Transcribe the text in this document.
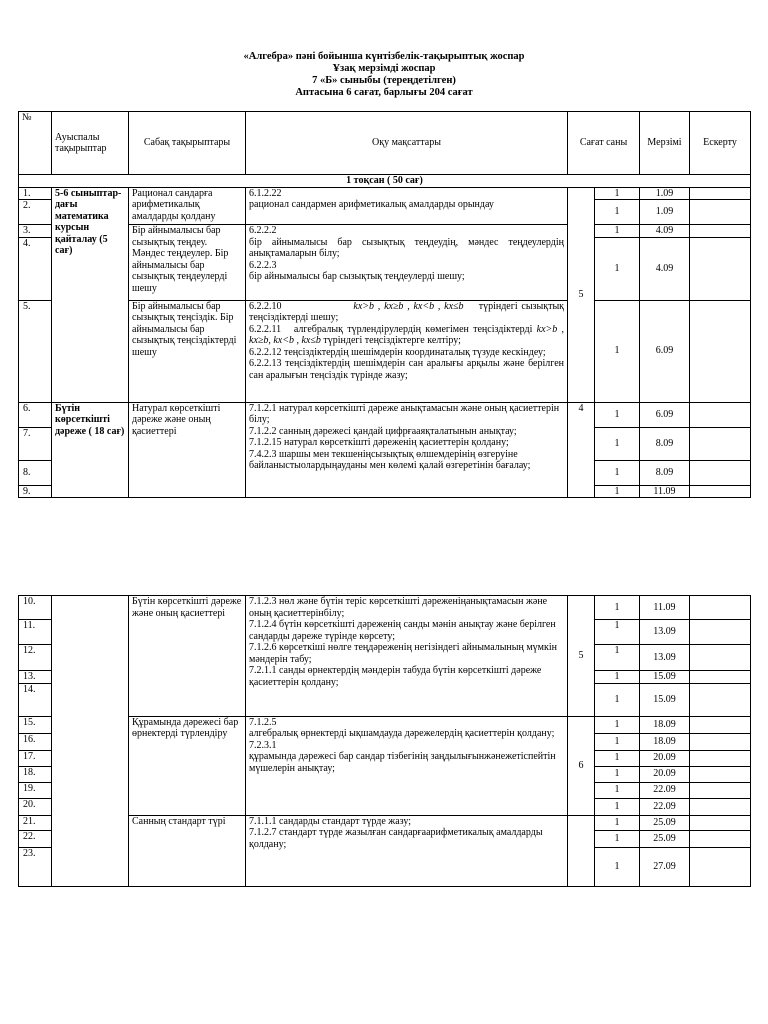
«Алгебра» пәні бойынша күнтізбелік-тақырыптық жоспар
Ұзақ мерзімді жоспар
7 «Б» сыныбы (тереңдетілген)
Аптасына 6 сағат, барлығы 204 сағат
№	Ауыспалы тақырыптар	Сабақ тақырыптары	Оқу мақсаттары	Сағат саны		Мерзімі	Ескерту
1 тоқсан ( 50 сағ)							
1.	5-6 сыныптар-дағы математика курсын қайталау (5 сағ)	Рационал сандарға арифметикалық амалдарды қолдану	6.1.2.22
рационал сандармен арифметикалық амалдарды орындау	5	1	1.09	
2.					1	1.09	
3.		Бір айнымалысы бар сызықтық теңдеу. Мәндес теңдеулер. Бір айнымалысы бар сызықтық теңдеулерді шешу	6.2.2.2
бір айнымалысы бар сызықтық теңдеудің, мәндес теңдеулердің анықтамаларын білу;
6.2.2.3
бір айнымалысы бар сызықтық теңдеулерді шешу;		1	4.09	
4.					1	4.09	
5.		Бір айнымалысы бар сызықтық теңсіздік. Бір айнымалысы бар сызықтық теңсіздіктерді шешу	6.2.2.10 kx>b , kx≥b , kx<b , kx≤b түріндегі сызықтық теңсіздіктерді шешу;
6.2.2.11 алгебралық түрлендірулердің көмегімен теңсіздіктерді kx>b , kx≥b, kx<b , kx≤b түріндегі теңсіздіктерге келтіру;
6.2.2.12 теңсіздіктердің шешімдерін координаталық түзуде кескіндеу;
6.2.2.13 теңсіздіктердің шешімдерін сан аралығы арқылы және берілген сан аралығын теңсіздік түрінде жазу;		1	6.09	
6.	Бүтін көрсеткішті дәреже ( 18 сағ)	Натурал көрсеткішті дәреже және оның қасиеттері	7.1.2.1 натурал көрсеткішті дәреже анықтамасын және оның қасиеттерін білу;
7.1.2.2 санның дәрежесі қандай цифрғааяқталатынын анықтау;
7.1.2.15 натурал көрсеткішті дәреженің қасиеттерін қолдану;
7.4.2.3 шаршы мен текшеніңсызықтық өлшемдерінің өзгеруіне байланыстыолардыңауданы мен көлемі қалай өзгеретінін бағалау;	4	1	6.09	
7.					1	8.09	
8.					1	8.09	
9.					1	11.09	
10.		Бүтін көрсеткішті дәреже және оның қасиеттері	7.1.2.3 нөл және бүтін теріс көрсеткішті дәреженіңанықтамасын және оның қасиеттерінбілу;
7.1.2.4 бүтін көрсеткішті дәреженің санды мәнін анықтау және берілген сандарды дәреже түрінде көрсету;
7.1.2.6 көрсеткіші нөлге теңдәреженің негізіндегі айнымалының мүмкін мәндерін табу;
7.2.1.1 санды өрнектердің мәндерін табуда бүтін көрсеткішті дәреже қасиеттерін қолдану;	5	1	11.09	
11.					1	13.09	
12.					1	13.09	
13.					1	15.09	
14.					1	15.09	
15.		Құрамында дәрежесі бар өрнектерді түрлендіру	7.1.2.5
алгебралық өрнектерді ықшамдауда дәрежелердің қасиеттерін қолдану;
7.2.3.1
құрамында дәрежесі бар сандар тізбегінің заңдылығынжәнежетіспейтін мүшелерін анықтау;	6	1	18.09	
16.					1	18.09	
17.					1	20.09	
18.					1	20.09	
19.					1	22.09	
20.					1	22.09	
21.		Санның стандарт түрі	7.1.1.1 сандарды стандарт түрде жазу;
7.1.2.7 стандарт түрде жазылған сандарғаарифметикалық амалдарды қолдану;		1	25.09	
22.					1	25.09	
23.					1	27.09	
